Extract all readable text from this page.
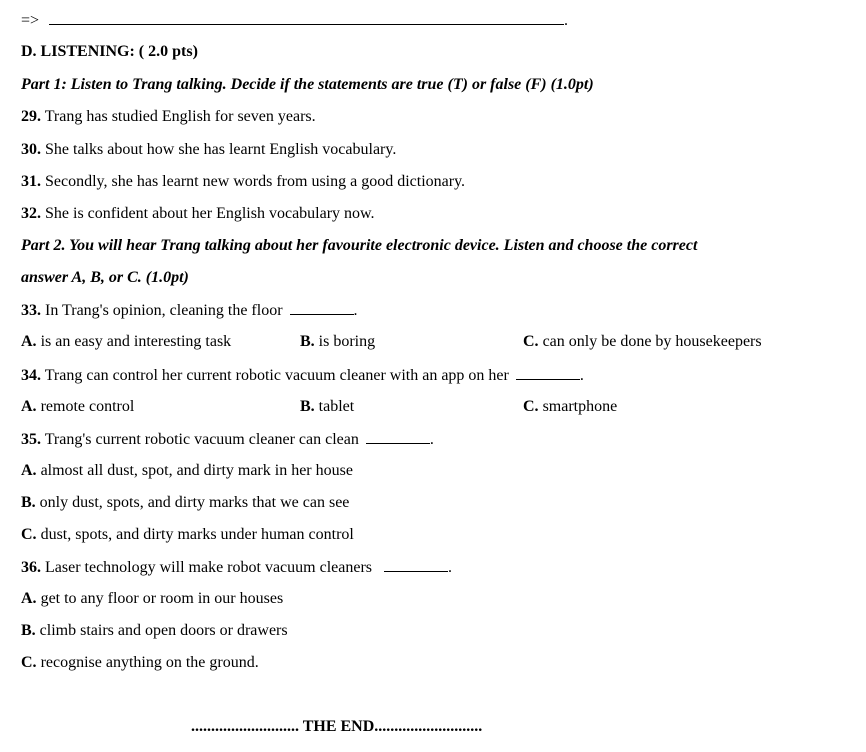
=>	.
D. LISTENING: ( 2.0 pts)
Part 1: Listen to Trang talking. Decide if the statements are true (T) or false (F) (1.0pt)
29. Trang has studied English for seven years.
30. She talks about how she has learnt English vocabulary.
31. Secondly, she has learnt new words from using a good dictionary.
32. She is confident about her English vocabulary now.
Part 2. You will hear Trang talking about her favourite electronic device. Listen and choose the correct
answer A, B, or C. (1.0pt)
33. In Trang's opinion, cleaning the floor	.
A. is an easy and interesting task	B. is boring	C. can only be done by housekeepers
34. Trang can control her current robotic vacuum cleaner with an app on her	.
A. remote control	B. tablet	C. smartphone
35. Trang's current robotic vacuum cleaner can clean	.
A. almost all dust, spot, and dirty mark in her house
B. only dust, spots, and dirty marks that we can see
C. dust, spots, and dirty marks under human control
36. Laser technology will make robot vacuum cleaners	.
A. get to any floor or room in our houses
B. climb stairs and open doors or drawers
C. recognise anything on the ground.
........................... THE END...........................
